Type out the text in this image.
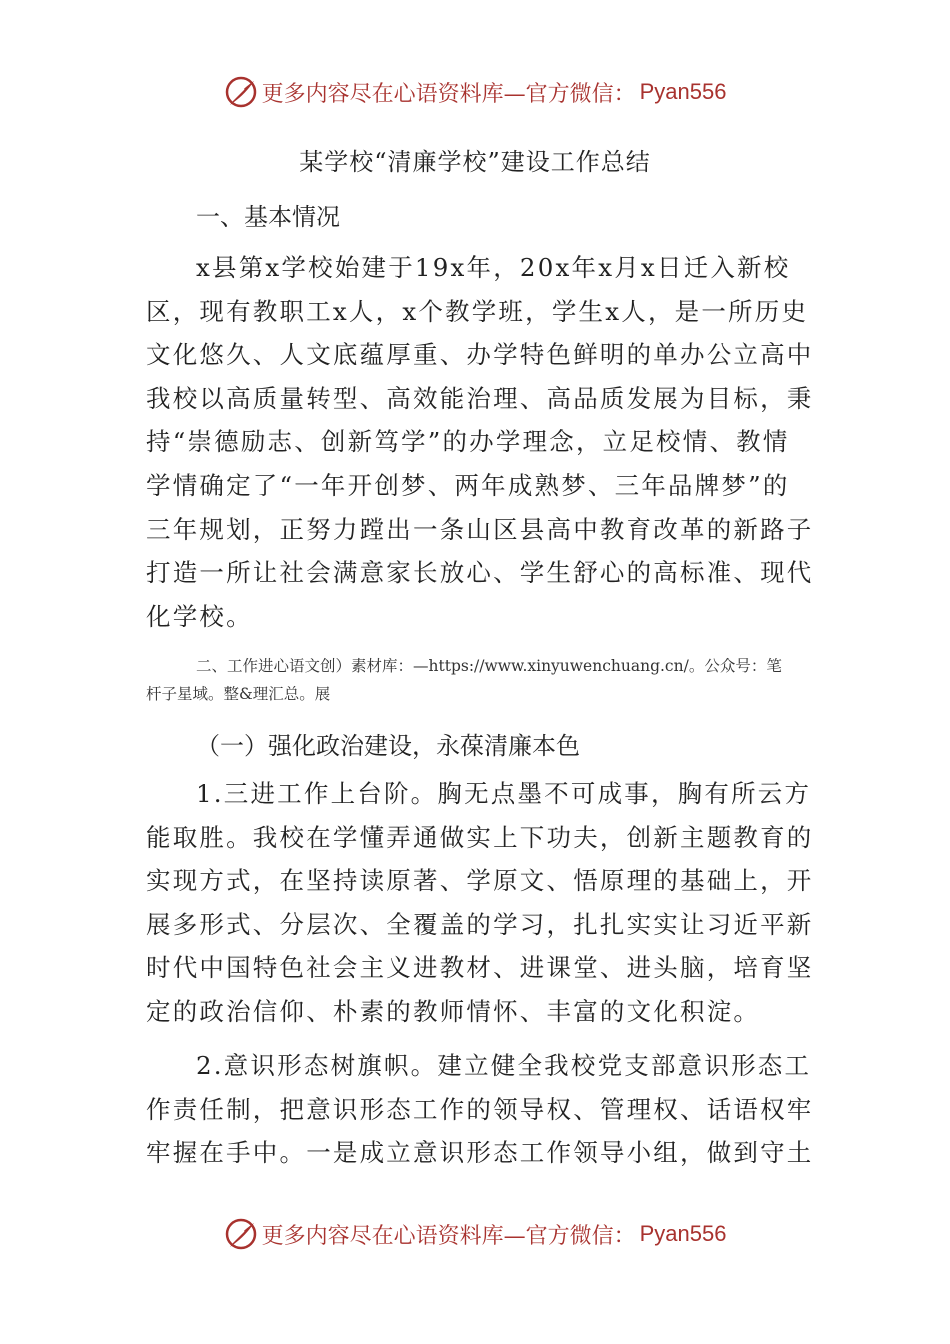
更多内容尽在心语资料库—官方微信： Pyan556
某学校“清廉学校”建设工作总结
一、基本情况
x县第x学校始建于19x年，20x年x月x日迁入新校
区，现有教职工x人，x个教学班，学生x人，是一所历史
文化悠久、人文底蕴厚重、办学特色鲜明的单办公立高中
我校以高质量转型、高效能治理、高品质发展为目标，秉
持“崇德励志、创新笃学”的办学理念，立足校情、教情
学情确定了“一年开创梦、两年成熟梦、三年品牌梦”的
三年规划，正努力蹚出一条山区县高中教育改革的新路子
打造一所让社会满意家长放心、学生舒心的高标准、现代
化学校。
二、工作进心语文创）素材库：—https://www.xinyuwenchuang.cn/。公众号：笔
杆子星域。整&理汇总。展
（一）强化政治建设，永葆清廉本色
1.三进工作上台阶。胸无点墨不可成事，胸有所云方
能取胜。我校在学懂弄通做实上下功夫，创新主题教育的
实现方式，在坚持读原著、学原文、悟原理的基础上，开
展多形式、分层次、全覆盖的学习，扎扎实实让习近平新
时代中国特色社会主义进教材、进课堂、进头脑，培育坚
定的政治信仰、朴素的教师情怀、丰富的文化积淀。
2.意识形态树旗帜。建立健全我校党支部意识形态工
作责任制，把意识形态工作的领导权、管理权、话语权牢
牢握在手中。一是成立意识形态工作领导小组，做到守土
更多内容尽在心语资料库—官方微信： Pyan556
